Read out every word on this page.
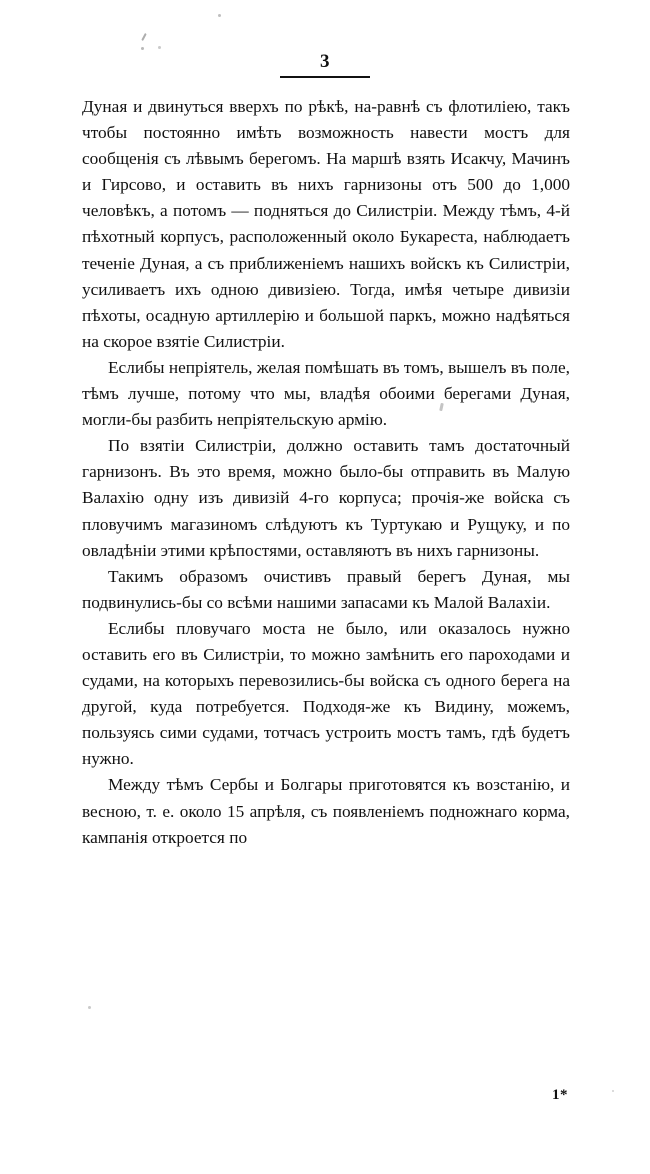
3

Дуная и двинуться вверхъ по рѣкѣ, на-равнѣ съ флотилiею, такъ чтобы постоянно имѣть возможность навести мостъ для сообщенiя съ лѣвымъ берегомъ. На маршѣ взять Исакчу, Мачинъ и Гирсово, и оставить въ нихъ гарнизоны отъ 500 до 1,000 человѣкъ, а потомъ — подняться до Силистрiи. Между тѣмъ, 4-й пѣхотный корпусъ, расположенный около Букареста, наблюдаетъ теченiе Дуная, а съ приближенiемъ нашихъ войскъ къ Силистрiи, усиливаетъ ихъ одною дивизiею. Тогда, имѣя четыре дивизiи пѣхоты, осадную артиллерiю и большой паркъ, можно надѣяться на скорое взятiе Силистрiи.

Еслибы непрiятель, желая помѣшать въ томъ, вышелъ въ поле, тѣмъ лучше, потому что мы, владѣя обоими берегами Дуная, могли-бы разбить непрiятельскую армiю.

По взятiи Силистрiи, должно оставить тамъ достаточный гарнизонъ. Въ это время, можно было-бы отправить въ Малую Валахiю одну изъ дивизiй 4-го корпуса; прочiя-же войска съ пловучимъ магазиномъ слѣдуютъ къ Туртукаю и Рущуку, и по овладѣнiи этими крѣпостями, оставляютъ въ нихъ гарнизоны.

Такимъ образомъ очистивъ правый берегъ Дуная, мы подвинулись-бы со всѣми нашими запасами къ Малой Валахiи.

Еслибы пловучаго моста не было, или оказалось нужно оставить его въ Силистрiи, то можно замѣнить его пароходами и судами, на которыхъ перевозились-бы войска съ одного берега на другой, куда потребуется. Подходя-же къ Видину, можемъ, пользуясь сими судами, тотчасъ устроить мостъ тамъ, гдѣ будетъ нужно.

Между тѣмъ Сербы и Болгары приготовятся къ возстанiю, и весною, т. е. около 15 апрѣля, съ появленiемъ подножнаго корма, кампанiя откроется по

1*
